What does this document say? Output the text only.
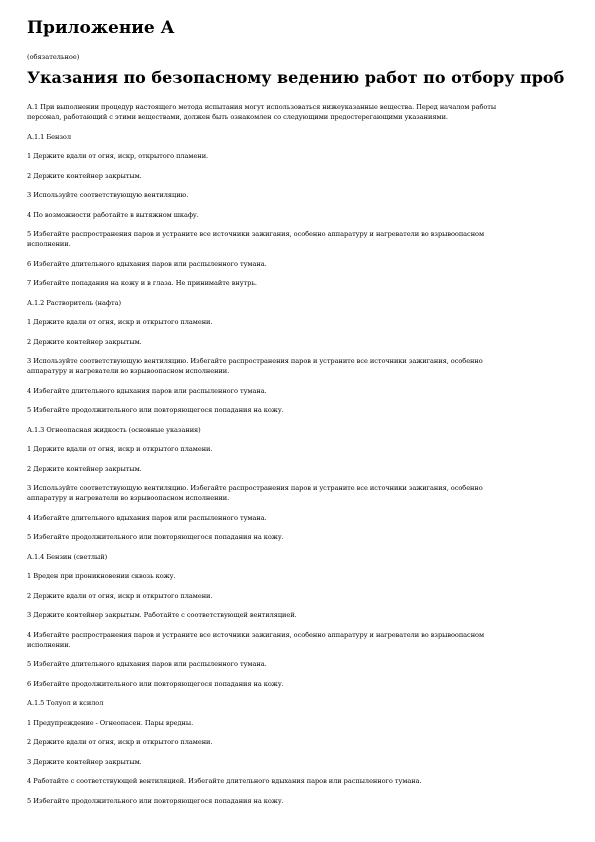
Приложение А
(обязательное)
Указания по безопасному ведению работ по отбору проб
А.1 При выполнении процедур настоящего метода испытания могут использоваться нижеуказанные вещества. Перед началом работы
персонал, работающий с этими веществами, должен быть ознакомлен со следующими предостерегающими указаниями.
А.1.1 Бензол
1 Держите вдали от огня, искр, открытого пламени.
2 Держите контейнер закрытым.
3 Используйте соответствующую вентиляцию.
4 По возможности работайте в вытяжном шкафу.
5 Избегайте распространения паров и устраните все источники зажигания, особенно аппаратуру и нагреватели во взрывоопасном
исполнении.
6 Избегайте длительного вдыхания паров или распыленного тумана.
7 Избегайте попадания на кожу и в глаза. Не принимайте внутрь.
А.1.2 Растворитель (нафта)
1 Держите вдали от огня, искр и открытого пламени.
2 Держите контейнер закрытым.
3 Используйте соответствующую вентиляцию. Избегайте распространения паров и устраните все источники зажигания, особенно
аппаратуру и нагреватели во взрывоопасном исполнении.
4 Избегайте длительного вдыхания паров или распыленного тумана.
5 Избегайте продолжительного или повторяющегося попадания на кожу.
А.1.3 Огнеопасная жидкость (основные указания)
1 Держите вдали от огня, искр и открытого пламени.
2 Держите контейнер закрытым.
3 Используйте соответствующую вентиляцию. Избегайте распространения паров и устраните все источники зажигания, особенно
аппаратуру и нагреватели во взрывоопасном исполнении.
4 Избегайте длительного вдыхания паров или распыленного тумана.
5 Избегайте продолжительного или повторяющегося попадания на кожу.
А.1.4 Бензин (светлый)
1 Вреден при проникновении сквозь кожу.
2 Держите вдали от огня, искр и открытого пламени.
3 Держите контейнер закрытым. Работайте с соответствующей вентиляцией.
4 Избегайте распространения паров и устраните все источники зажигания, особенно аппаратуру и нагреватели во взрывоопасном
исполнении.
5 Избегайте длительного вдыхания паров или распыленного тумана.
6 Избегайте продолжительного или повторяющегося попадания на кожу.
А.1.5 Толуол и ксилол
1 Предупреждение - Огнеопасен. Пары вредны.
2 Держите вдали от огня, искр и открытого пламени.
3 Держите контейнер закрытым.
4 Работайте с соответствующей вентиляцией. Избегайте длительного вдыхания паров или распыленного тумана.
5 Избегайте продолжительного или повторяющегося попадания на кожу.
